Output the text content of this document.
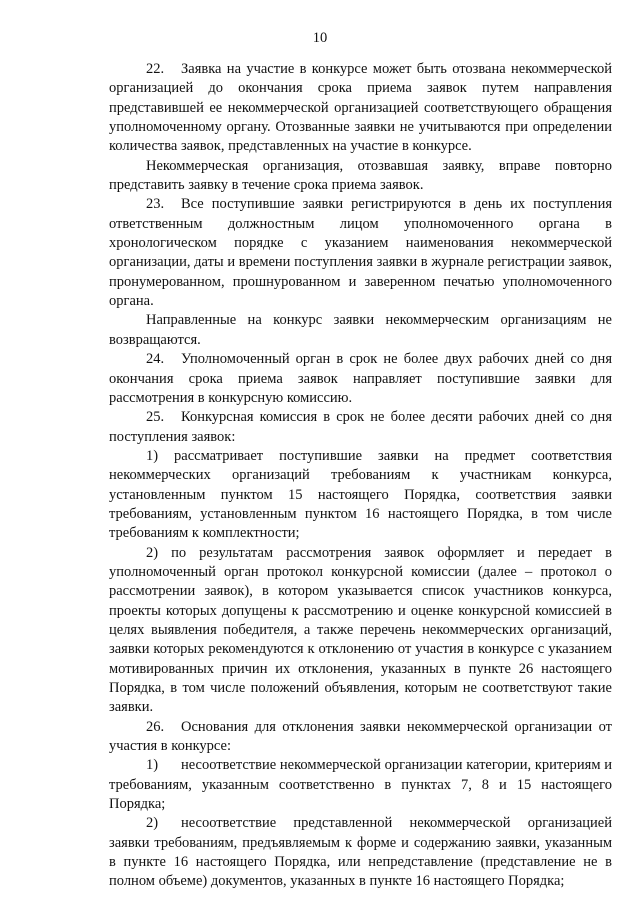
10

22. Заявка на участие в конкурсе может быть отозвана некоммерческой организацией до окончания срока приема заявок путем направления представившей ее некоммерческой организацией соответствующего обращения уполномоченному органу. Отозванные заявки не учитываются при определении количества заявок, представленных на участие в конкурсе.

Некоммерческая организация, отозвавшая заявку, вправе повторно представить заявку в течение срока приема заявок.

23. Все поступившие заявки регистрируются в день их поступления ответственным должностным лицом уполномоченного органа в хронологическом порядке с указанием наименования некоммерческой организации, даты и времени поступления заявки в журнале регистрации заявок, пронумерованном, прошнурованном и заверенном печатью уполномоченного органа.

Направленные на конкурс заявки некоммерческим организациям не возвращаются.

24. Уполномоченный орган в срок не более двух рабочих дней со дня окончания срока приема заявок направляет поступившие заявки для рассмотрения в конкурсную комиссию.

25. Конкурсная комиссия в срок не более десяти рабочих дней со дня поступления заявок:

1) рассматривает поступившие заявки на предмет соответствия некоммерческих организаций требованиям к участникам конкурса, установленным пунктом 15 настоящего Порядка, соответствия заявки требованиям, установленным пунктом 16 настоящего Порядка, в том числе требованиям к комплектности;

2) по результатам рассмотрения заявок оформляет и передает в уполномоченный орган протокол конкурсной комиссии (далее – протокол о рассмотрении заявок), в котором указывается список участников конкурса, проекты которых допущены к рассмотрению и оценке конкурсной комиссией в целях выявления победителя, а также перечень некоммерческих организаций, заявки которых рекомендуются к отклонению от участия в конкурсе с указанием мотивированных причин их отклонения, указанных в пункте 26 настоящего Порядка, в том числе положений объявления, которым не соответствуют такие заявки.

26. Основания для отклонения заявки некоммерческой организации от участия в конкурсе:

1) несоответствие некоммерческой организации категории, критериям и требованиям, указанным соответственно в пунктах 7, 8 и 15 настоящего Порядка;

2) несоответствие представленной некоммерческой организацией заявки требованиям, предъявляемым к форме и содержанию заявки, указанным в пункте 16 настоящего Порядка, или непредставление (представление не в полном объеме) документов, указанных в пункте 16 настоящего Порядка;
